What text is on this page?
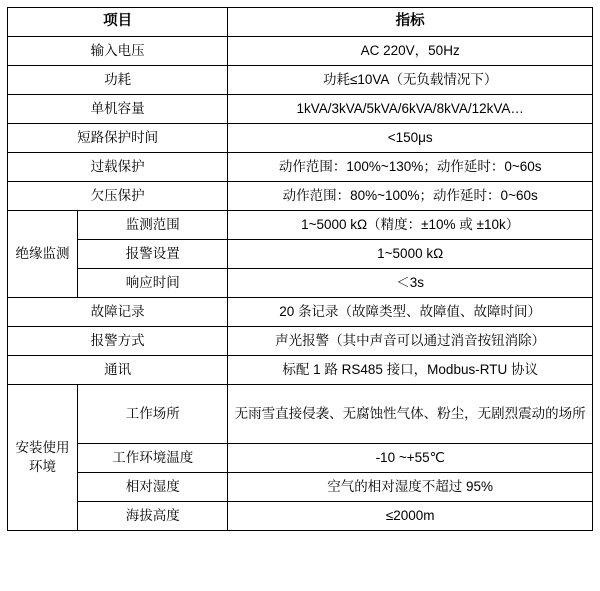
项目		指标
输入电压		AC 220V，50Hz
功耗		功耗≤10VA（无负载情况下）
单机容量		1kVA/3kVA/5kVA/6kVA/8kVA/12kVA…
短路保护时间		<150μs
过载保护		动作范围：100%~130%；动作延时：0~60s
欠压保护		动作范围：80%~100%；动作延时：0~60s
绝缘监测	监测范围	1~5000 kΩ（精度：±10% 或 ±10k）
	报警设置	1~5000 kΩ
	响应时间	＜3s
故障记录		20 条记录（故障类型、故障值、故障时间）
报警方式		声光报警（其中声音可以通过消音按钮消除）
通讯		标配 1 路 RS485 接口，Modbus-RTU 协议
安装使用环境	工作场所	无雨雪直接侵袭、无腐蚀性气体、粉尘，无剧烈震动的场所
	工作环境温度	-10 ~+55℃
	相对湿度	空气的相对湿度不超过 95%
	海拔高度	≤2000m
